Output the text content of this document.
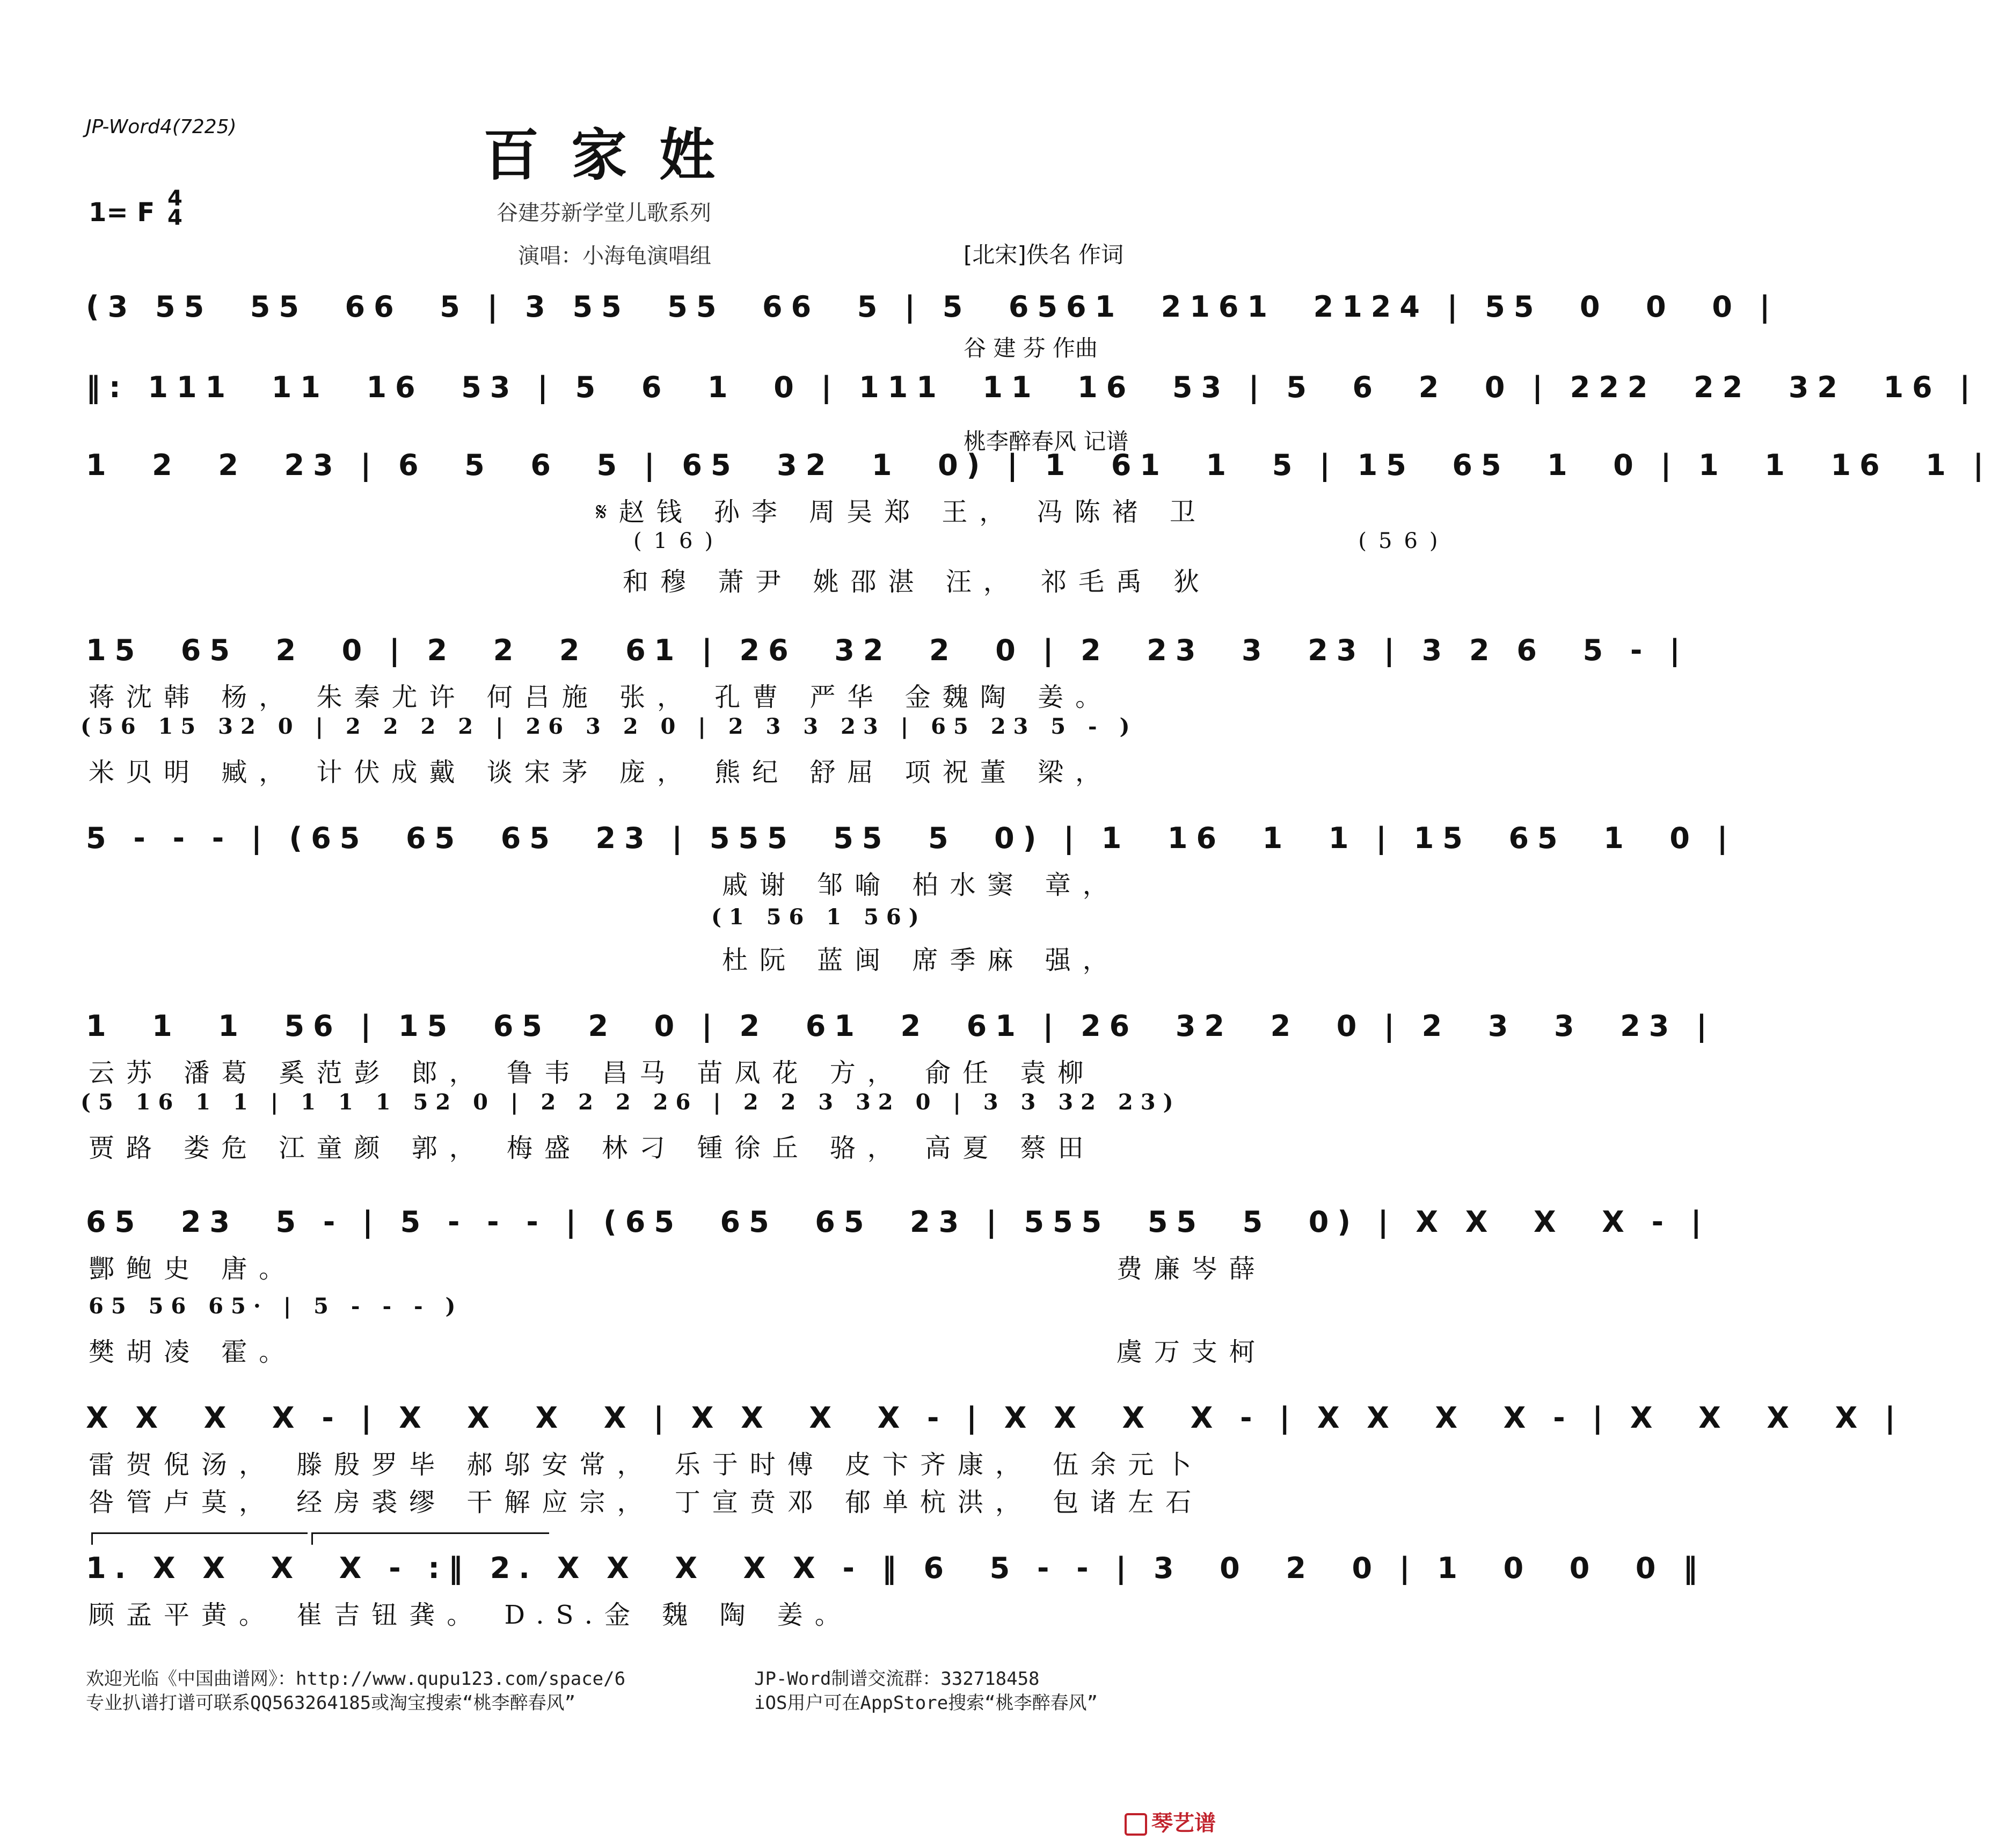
JP-Word4(7225)	百家姓
1= F 4
4	谷建芬新学堂儿歌系列
演唱：小海龟演唱组

	[北宋]佚名 作词

谷 建 芬 作曲

桃李醉春风 记谱

(3 55  55  66  5 | 3 55  55  66  5 | 5  6561  2161  2124 | 55  0  0  0 |
‖: 111  11  16  53 | 5  6  1  0 | 111  11  16  53 | 5  6  2  0 | 222  22  32  16 |
1  2  2  23 | 6  5  6  5 | 65  32  1  0) | 1  61  1  5 | 15  65  1  0 | 1  1  16  1 |
𝄋赵钱 孙李 周吴郑 王， 冯陈褚 卫
(16)                                  (56)
和穆 萧尹 姚邵湛 汪， 祁毛禹 狄
15  65  2  0 | 2  2  2  61 | 26  32  2  0 | 2  23  3  23 | 3 2 6  5 - |
蒋沈韩 杨， 朱秦尤许 何吕施 张， 孔曹 严华 金魏陶 姜。
(56 15 32 0 | 2 2 2 2 | 26 3 2 0 | 2 3 3 23 | 65 23 5 - )
米贝明 臧， 计伏成戴 谈宋茅 庞， 熊纪 舒屈 项祝董 梁，
5 - - - | (65  65  65  23 | 555  55  5  0) | 1  16  1  1 | 15  65  1  0 |
戚谢 邹喻 柏水窦 章，
(1 56 1 56)
杜阮 蓝闽 席季麻 强，
1  1  1  56 | 15  65  2  0 | 2  61  2  61 | 26  32  2  0 | 2  3  3  23 |
云苏 潘葛 奚范彭 郎， 鲁韦 昌马 苗凤花 方， 俞任 袁柳
(5 16 1 1 | 1 1 1 52 0 | 2 2 2 26 | 2 2 3 32 0 | 3 3 32 23)
贾路 娄危 江童颜 郭， 梅盛 林刁 锺徐丘 骆， 高夏 蔡田
65  23  5 - | 5 - - - | (65  65  65  23 | 555  55  5  0) | X X  X  X - |
酆鲍史 唐。                                         费廉岑薛
65 56 65· | 5 - - - )
樊胡凌 霍。                                         虞万支柯
X X  X  X - | X  X  X  X | X X  X  X - | X X  X  X - | X X  X  X - | X  X  X  X |
雷贺倪汤， 滕殷罗毕 郝邬安常， 乐于时傅 皮卞齐康， 伍余元卜
咎管卢莫， 经房裘缪 干解应宗， 丁宣贲邓 郁单杭洪， 包诸左石
1. X X  X  X - :‖ 2. X X  X  X X - ‖ 6  5 - - | 3  0  2  0 | 1  0  0  0 ‖
顾孟平黄。 崔吉钮龚。 D.S.金 魏 陶 姜。
欢迎光临《中国曲谱网》：http://www.qupu123.com/space/6
专业扒谱打谱可联系QQ563264185或淘宝搜索“桃李醉春风”
JP-Word制谱交流群：332718458
iOS用户可在AppStore搜索“桃李醉春风”
琴艺谱
